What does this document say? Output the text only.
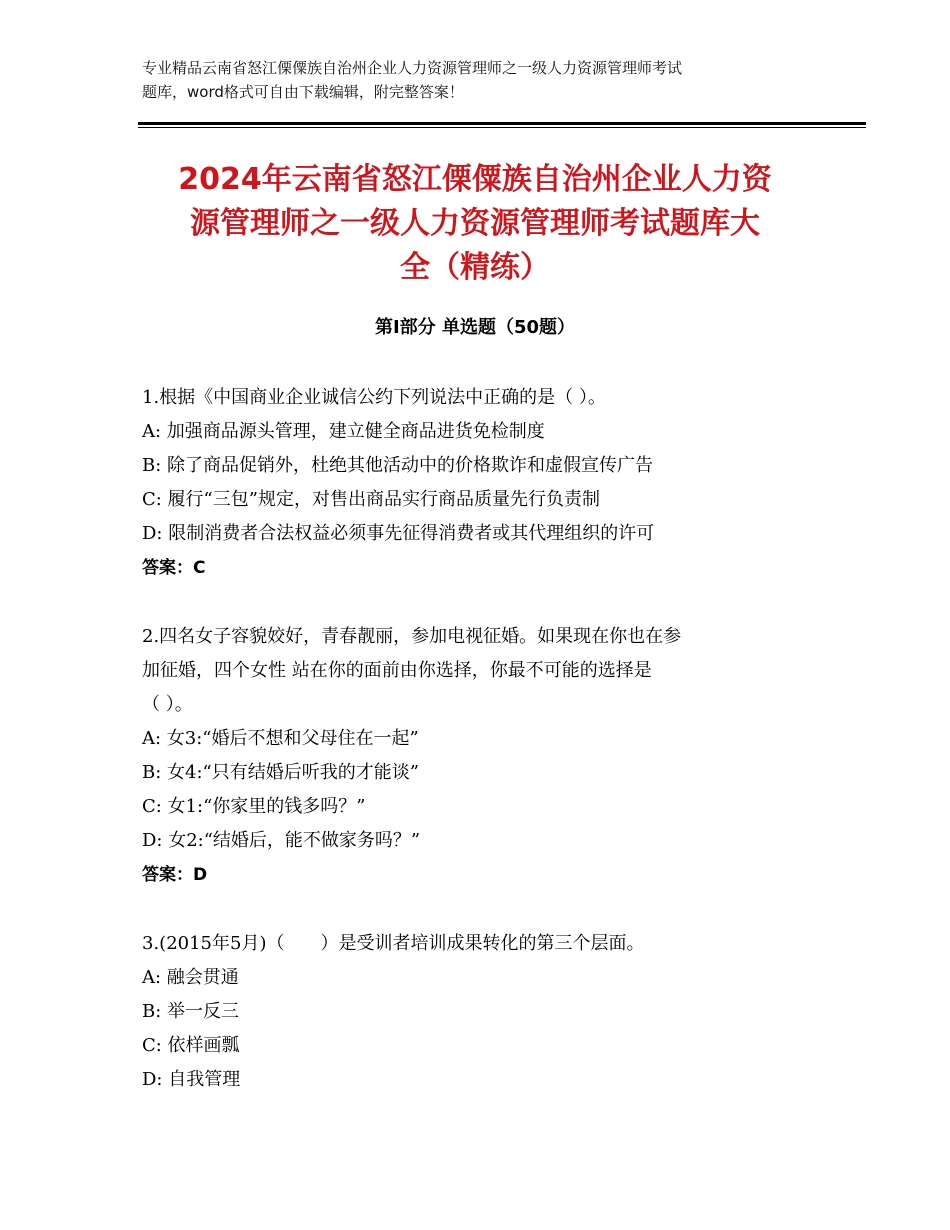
专业精品云南省怒江傈僳族自治州企业人力资源管理师之一级人力资源管理师考试
题库，word格式可自由下载编辑，附完整答案！
2024年云南省怒江傈僳族自治州企业人力资
源管理师之一级人力资源管理师考试题库大
全（精练）
第Ⅰ部分 单选题（50题）
1.根据《中国商业企业诚信公约下列说法中正确的是（ ）。
A: 加强商品源头管理，建立健全商品进货免检制度
B: 除了商品促销外，杜绝其他活动中的价格欺诈和虚假宣传广告
C: 履行“三包”规定，对售出商品实行商品质量先行负责制
D: 限制消费者合法权益必须事先征得消费者或其代理组织的许可
答案：C
2.四名女子容貌姣好，青春靓丽，参加电视征婚。如果现在你也在参
加征婚，四个女性 站在你的面前由你选择，你最不可能的选择是
（ ）。
A: 女3:“婚后不想和父母住在一起”
B: 女4:“只有结婚后听我的才能谈”
C: 女1:“你家里的钱多吗？”
D: 女2:“结婚后，能不做家务吗？”
答案：D
3.(2015年5月)（　　）是受训者培训成果转化的第三个层面。
A: 融会贯通
B: 举一反三
C: 依样画瓢
D: 自我管理
